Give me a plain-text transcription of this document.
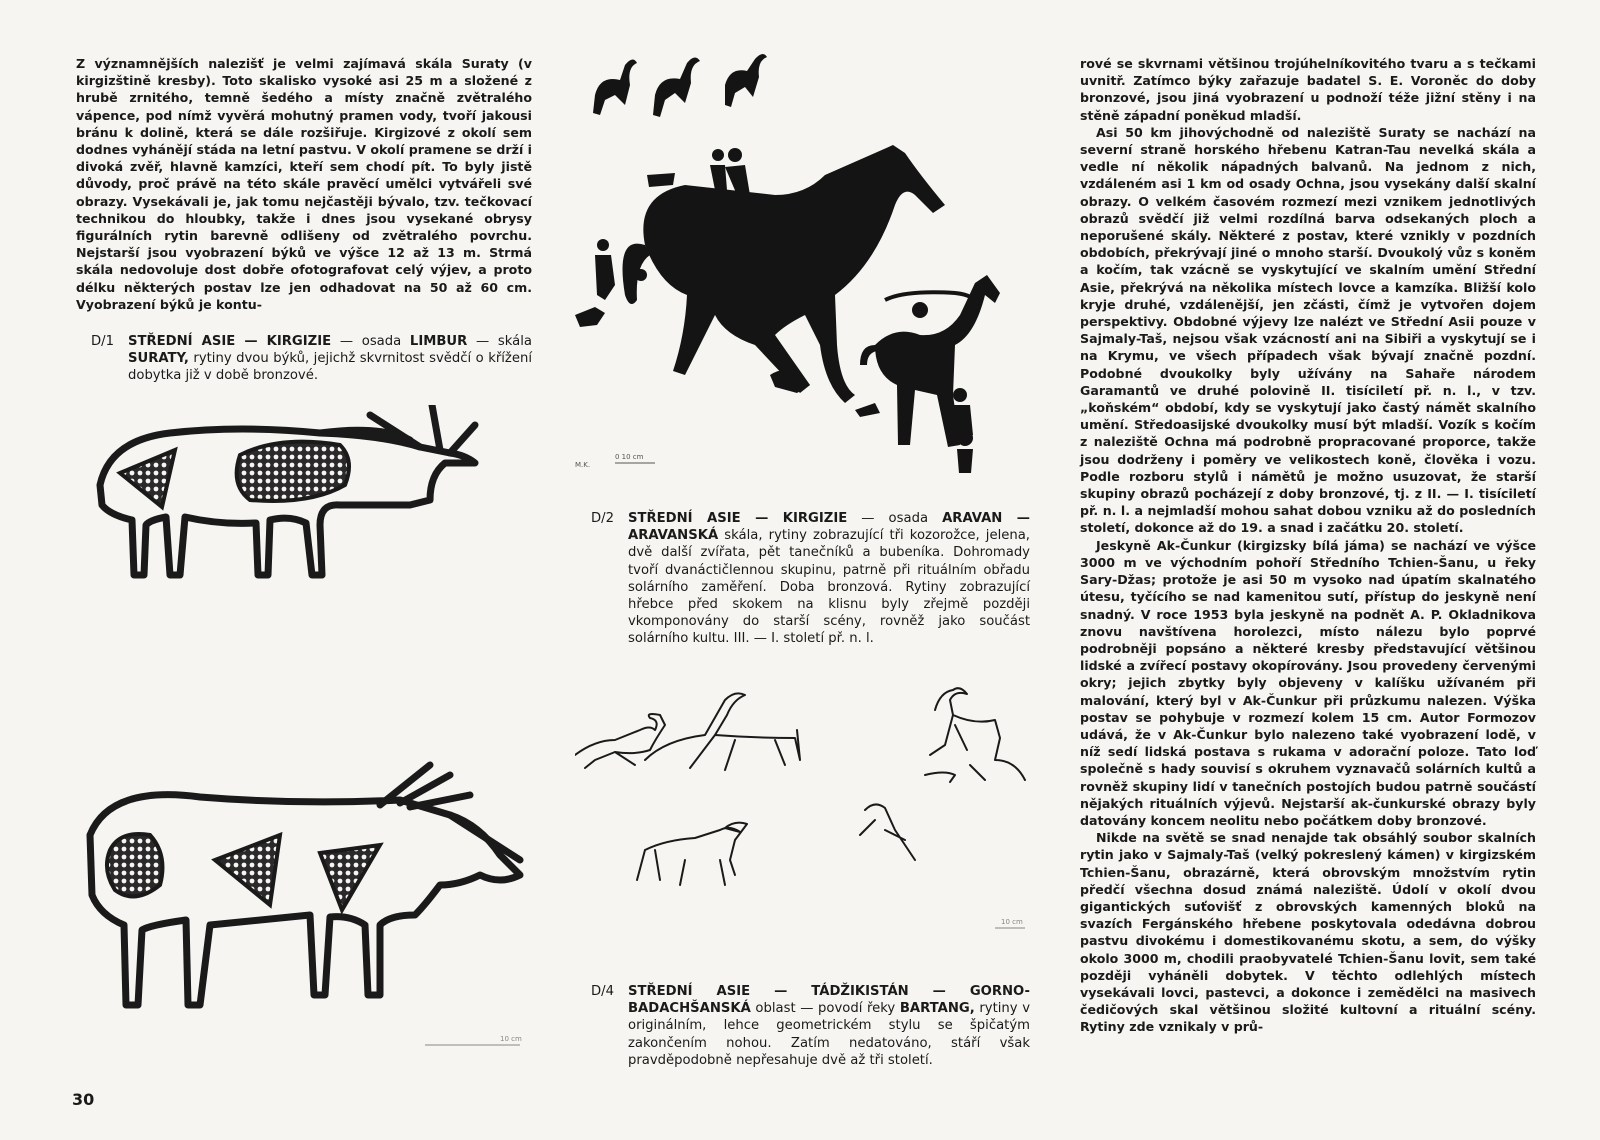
Z významnějších nalezišť je velmi zajímavá skála Suraty (v kirgizštině kresby). Toto skalisko vysoké asi 25 m a složené z hrubě zrnitého, temně šedého a místy značně zvětralého vápence, pod nímž vyvěrá mohutný pramen vody, tvoří jakousi bránu k dolině, která se dále rozšiřuje. Kirgizové z okolí sem dodnes vyhánějí stáda na letní pastvu. V okolí pramene se drží i divoká zvěř, hlavně kamzíci, kteří sem chodí pít. To byly jistě důvody, proč právě na této skále pravěcí umělci vytvářeli své obrazy. Vysekávali je, jak tomu nejčastěji bývalo, tzv. tečkovací technikou do hloubky, takže i dnes jsou vysekané obrysy figurálních rytin barevně odlišeny od zvětralého povrchu. Nejstarší jsou vyobrazení býků ve výšce 12 až 13 m. Strmá skála nedovoluje dost dobře ofotografovat celý výjev, a proto délku některých postav lze jen odhadovat na 50 až 60 cm. Vyobrazení býků je kontu-

D/1 STŘEDNÍ ASIE — KIRGIZIE — osada LIMBUR — skála SURATY, rytiny dvou býků, jejichž skvrnitost svědčí o křížení dobytka již v době bronzové.
10 cm
M.K.
0 10 cm
D/2 STŘEDNÍ ASIE — KIRGIZIE — osada ARAVAN — ARAVANSKÁ skála, rytiny zobrazující tři kozorožce, jelena, dvě další zvířata, pět tanečníků a bubeníka. Dohromady tvoří dvanáctičlennou skupinu, patrně při rituálním obřadu solárního zaměření. Doba bronzová. Rytiny zobrazující hřebce před skokem na klisnu byly zřejmě později vkomponovány do starší scény, rovněž jako součást solárního kultu. III. — I. století př. n. l.
10 cm
D/4 STŘEDNÍ ASIE — TÁDŽIKISTÁN — GORNO-BADACHŠANSKÁ oblast — povodí řeky BARTANG, rytiny v originálním, lehce geometrickém stylu se špičatým zakončením nohou. Zatím nedatováno, stáří však pravděpodobně nepřesahuje dvě až tři století.

rové se skvrnami většinou trojúhelníkovitého tvaru a s tečkami uvnitř. Zatímco býky zařazuje badatel S. E. Voroněc do doby bronzové, jsou jiná vyobrazení u podnoží téže jižní stěny i na stěně západní poněkud mladší.

Asi 50 km jihovýchodně od naleziště Suraty se nachází na severní straně horského hřebenu Katran-Tau nevelká skála a vedle ní několik nápadných balvanů. Na jednom z nich, vzdáleném asi 1 km od osady Ochna, jsou vysekány další skalní obrazy. O velkém časovém rozmezí mezi vznikem jednotlivých obrazů svědčí již velmi rozdílná barva odsekaných ploch a neporušené skály. Některé z postav, které vznikly v pozdních obdobích, překrývají jiné o mnoho starší. Dvoukolý vůz s koněm a kočím, tak vzácně se vyskytující ve skalním umění Střední Asie, překrývá na několika místech lovce a kamzíka. Bližší kolo kryje druhé, vzdálenější, jen zčásti, čímž je vytvořen dojem perspektivy. Obdobné výjevy lze nalézt ve Střední Asii pouze v Sajmaly-Taš, nejsou však vzácností ani na Sibiři a vyskytují se i na Krymu, ve všech případech však bývají značně pozdní. Podobné dvoukolky byly užívány na Sahaře národem Garamantů ve druhé polovině II. tisíciletí př. n. l., v tzv. „koňském“ období, kdy se vyskytují jako častý námět skalního umění. Středoasijské dvoukolky musí být mladší. Vozík s kočím z naleziště Ochna má podrobně propracované proporce, takže jsou dodrženy i poměry ve velikostech koně, člověka i vozu. Podle rozboru stylů i námětů je možno usuzovat, že starší skupiny obrazů pocházejí z doby bronzové, tj. z II. — I. tisíciletí př. n. l. a nejmladší mohou sahat dobou vzniku až do posledních století, dokonce až do 19. a snad i začátku 20. století.

Jeskyně Ak-Čunkur (kirgizsky bílá jáma) se nachází ve výšce 3000 m ve východním pohoří Středního Tchien-Šanu, u řeky Sary-Džas; protože je asi 50 m vysoko nad úpatím skalnatého útesu, tyčícího se nad kamenitou sutí, přístup do jeskyně není snadný. V roce 1953 byla jeskyně na podnět A. P. Okladnikova znovu navštívena horolezci, místo nálezu bylo poprvé podrobněji popsáno a některé kresby představující většinou lidské a zvířecí postavy okopírovány. Jsou provedeny červenými okry; jejich zbytky byly objeveny v kalíšku užívaném při malování, který byl v Ak-Čunkur při průzkumu nalezen. Výška postav se pohybuje v rozmezí kolem 15 cm. Autor Formozov udává, že v Ak-Čunkur bylo nalezeno také vyobrazení lodě, v níž sedí lidská postava s rukama v adorační poloze. Tato loď společně s hady souvisí s okruhem vyznavačů solárních kultů a rovněž skupiny lidí v tanečních postojích budou patrně součástí nějakých rituálních výjevů. Nejstarší ak-čunkurské obrazy byly datovány koncem neolitu nebo počátkem doby bronzové.

Nikde na světě se snad nenajde tak obsáhlý soubor skalních rytin jako v Sajmaly-Taš (velký pokreslený kámen) v kirgizském Tchien-Šanu, obrazárně, která obrovským množstvím rytin předčí všechna dosud známá naleziště. Údolí v okolí dvou gigantických suťovišť z obrovských kamenných bloků na svazích Fergánského hřebene poskytovala odedávna dobrou pastvu divokému i domestikovanému skotu, a sem, do výšky okolo 3000 m, chodili praobyvatelé Tchien-Šanu lovit, sem také později vyháněli dobytek. V těchto odlehlých místech vysekávali lovci, pastevci, a dokonce i zemědělci na masivech čedičových skal většinou složité kultovní a rituální scény. Rytiny zde vznikaly v prů-

30
